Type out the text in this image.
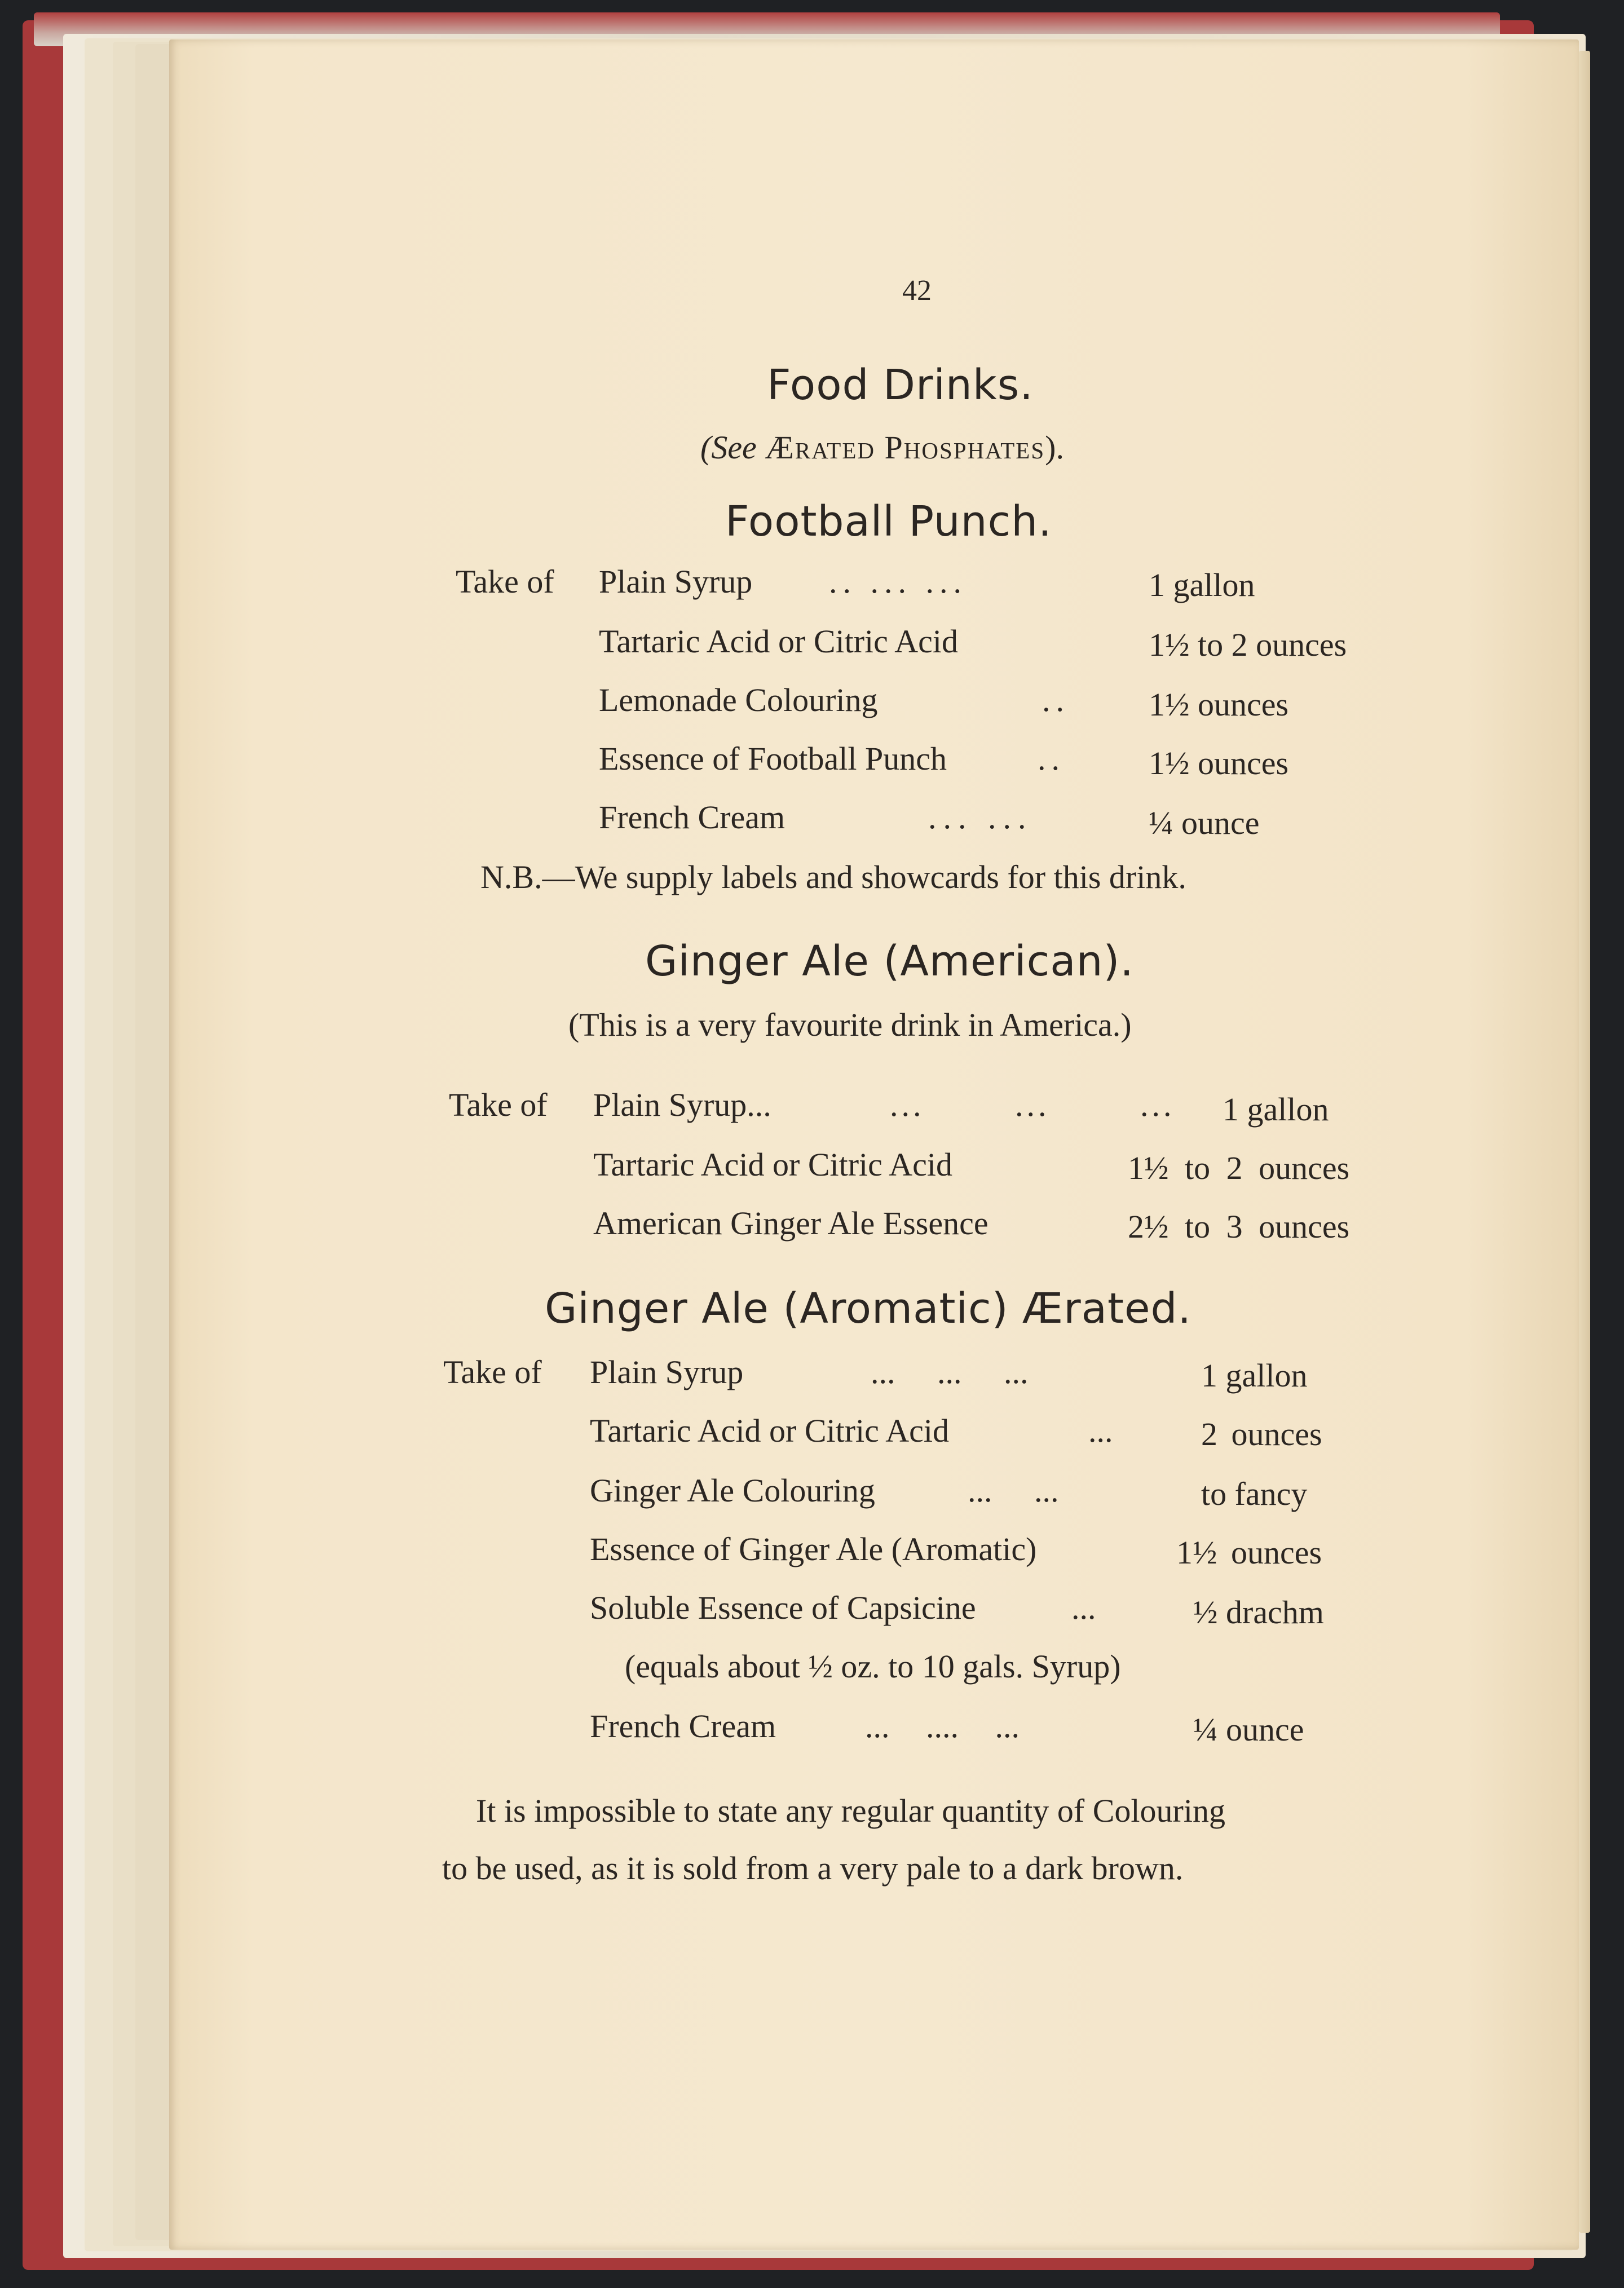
42
Food Drinks.
(See Ærated Phosphates).
Football Punch.
Take of Plain Syrup .. ... ...	1 gallon
Tartaric Acid or Citric Acid	1½ to 2 ounces
Lemonade Colouring	.. 1½ ounces
Essence of Football Punch	..	1½ ounces
French Cream	... ...	¼ ounce
N.B.—We supply labels and showcards for this drink.
Ginger Ale (American).
(This is a very favourite drink in America.)
Take of Plain Syrup...	... ... ... 1 gallon
Tartaric Acid or Citric Acid	1½ to 2 ounces
American Ginger Ale Essence	2½ to 3 ounces
Ginger Ale (Aromatic) Ærated.
Take of Plain Syrup	... ... ...	1 gallon
Tartaric Acid or Citric Acid	...	2 ounces
Ginger Ale Colouring	... ...	to fancy
Essence of Ginger Ale (Aromatic)	1½ ounces
Soluble Essence of Capsicine	...	½ drachm
(equals about ½ oz. to 10 gals. Syrup)
French Cream	... .... ...	¼ ounce
It is impossible to state any regular quantity of Colouring
to be used, as it is sold from a very pale to a dark brown.
